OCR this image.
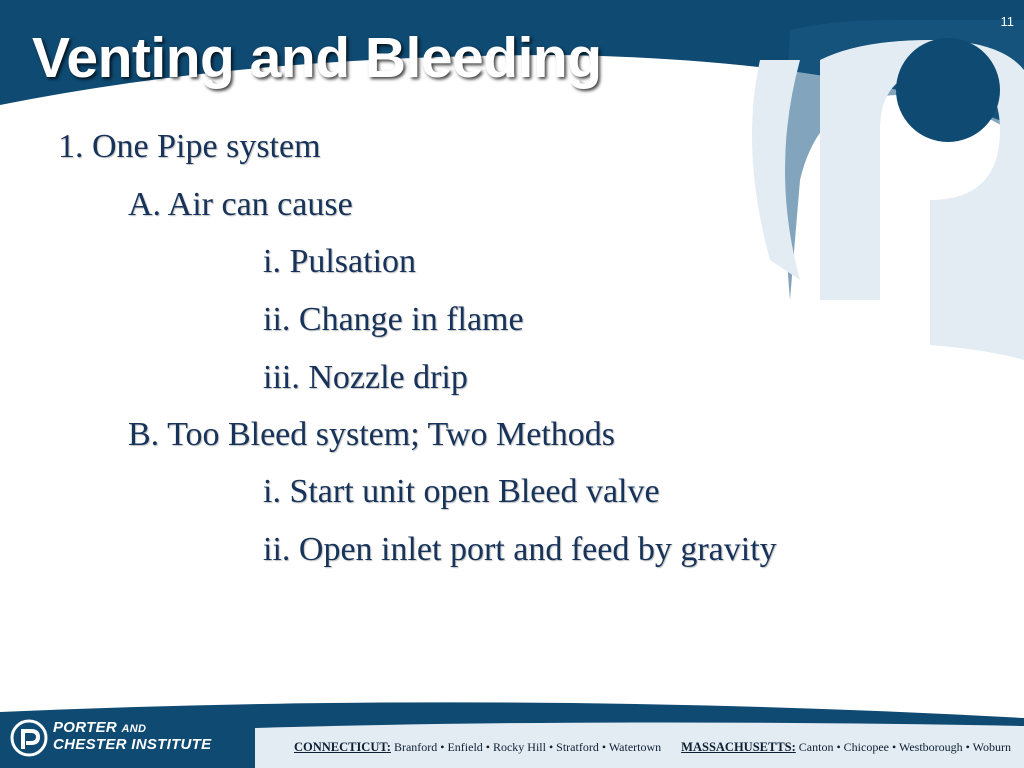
Venting and Bleeding
11
1. One Pipe system
A. Air can cause
i. Pulsation
ii. Change in flame
iii. Nozzle drip
B. Too Bleed system; Two Methods
i. Start unit open Bleed valve
ii. Open inlet port and feed by gravity
PORTER AND
CHESTER INSTITUTE	CONNECTICUT: Branford • Enfield • Rocky Hill • Stratford • Watertown MASSACHUSETTS: Canton • Chicopee • Westborough • Woburn
